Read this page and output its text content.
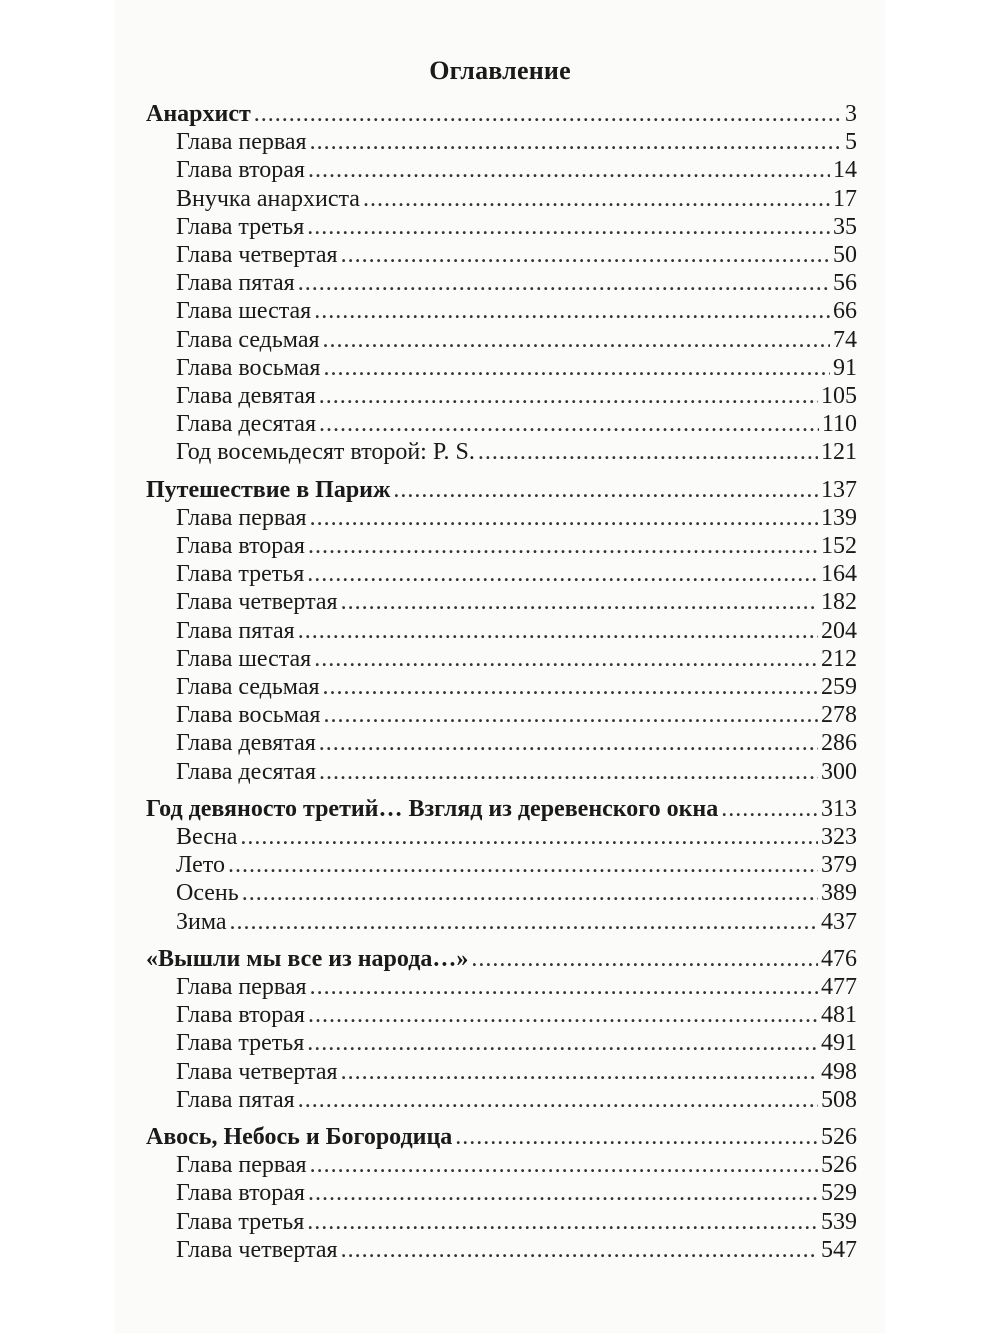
Оглавление
Анархист .....	3
Глава первая .....	5
Глава вторая .....	14
Внучка анархиста .....	17
Глава третья .....	35
Глава четвертая .....	50
Глава пятая .....	56
Глава шестая .....	66
Глава седьмая .....	74
Глава восьмая .....	91
Глава девятая .....	105
Глава десятая .....	110
Год восемьдесят второй: P. S. .....	121
Путешествие в Париж .....	137
Глава первая .....	139
Глава вторая .....	152
Глава третья .....	164
Глава четвертая .....	182
Глава пятая .....	204
Глава шестая .....	212
Глава седьмая .....	259
Глава восьмая .....	278
Глава девятая .....	286
Глава десятая .....	300
Год девяносто третий… Взгляд из деревенского окна .....	313
Весна .....	323
Лето .....	379
Осень .....	389
Зима .....	437
«Вышли мы все из народа…» .....	476
Глава первая .....	477
Глава вторая .....	481
Глава третья .....	491
Глава четвертая .....	498
Глава пятая .....	508
Авось, Небось и Богородица .....	526
Глава первая .....	526
Глава вторая .....	529
Глава третья .....	539
Глава четвертая .....	547
